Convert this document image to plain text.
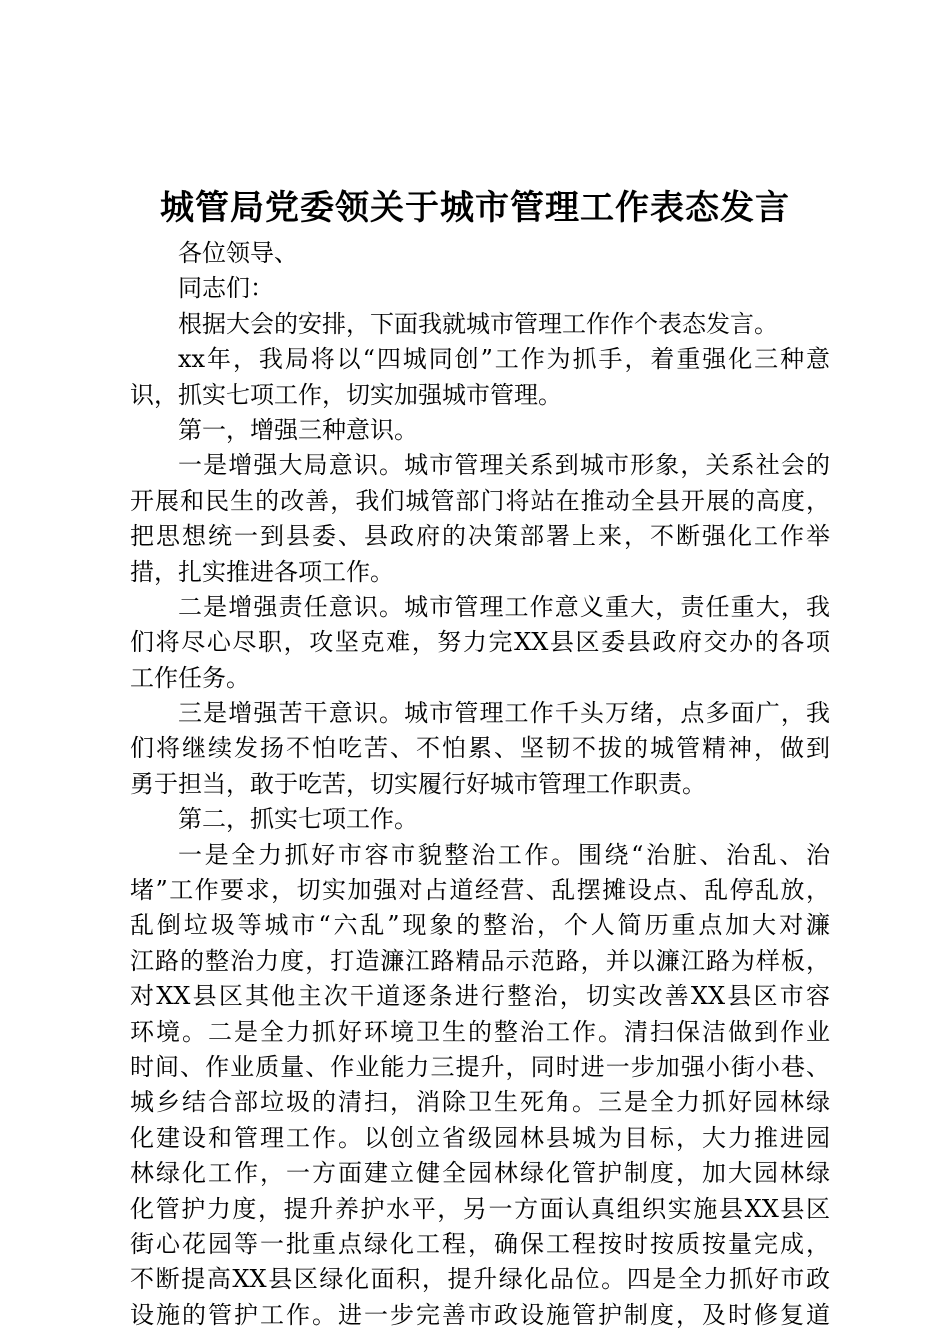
城管局党委领关于城市管理工作表态发言
各位领导、
同志们：
根据大会的安排，下面我就城市管理工作作个表态发言。
xx年，我局将以“四城同创”工作为抓手，着重强化三种意
识，抓实七项工作，切实加强城市管理。
第一，增强三种意识。
一是增强大局意识。城市管理关系到城市形象，关系社会的
开展和民生的改善，我们城管部门将站在推动全县开展的高度，
把思想统一到县委、县政府的决策部署上来，不断强化工作举
措，扎实推进各项工作。
二是增强责任意识。城市管理工作意义重大，责任重大，我
们将尽心尽职，攻坚克难，努力完XX县区委县政府交办的各项
工作任务。
三是增强苦干意识。城市管理工作千头万绪，点多面广，我
们将继续发扬不怕吃苦、不怕累、坚韧不拔的城管精神，做到
勇于担当，敢于吃苦，切实履行好城市管理工作职责。
第二，抓实七项工作。
一是全力抓好市容市貌整治工作。围绕“治脏、治乱、治
堵”工作要求，切实加强对占道经营、乱摆摊设点、乱停乱放，
乱倒垃圾等城市“六乱”现象的整治，个人简历重点加大对濂
江路的整治力度，打造濂江路精品示范路，并以濂江路为样板，
对XX县区其他主次干道逐条进行整治，切实改善XX县区市容
环境。二是全力抓好环境卫生的整治工作。清扫保洁做到作业
时间、作业质量、作业能力三提升，同时进一步加强小街小巷、
城乡结合部垃圾的清扫，消除卫生死角。三是全力抓好园林绿
化建设和管理工作。以创立省级园林县城为目标，大力推进园
林绿化工作，一方面建立健全园林绿化管护制度，加大园林绿
化管护力度，提升养护水平，另一方面认真组织实施县XX县区
街心花园等一批重点绿化工程，确保工程按时按质按量完成，
不断提高XX县区绿化面积，提升绿化品位。四是全力抓好市政
设施的管护工作。进一步完善市政设施管护制度，及时修复道
